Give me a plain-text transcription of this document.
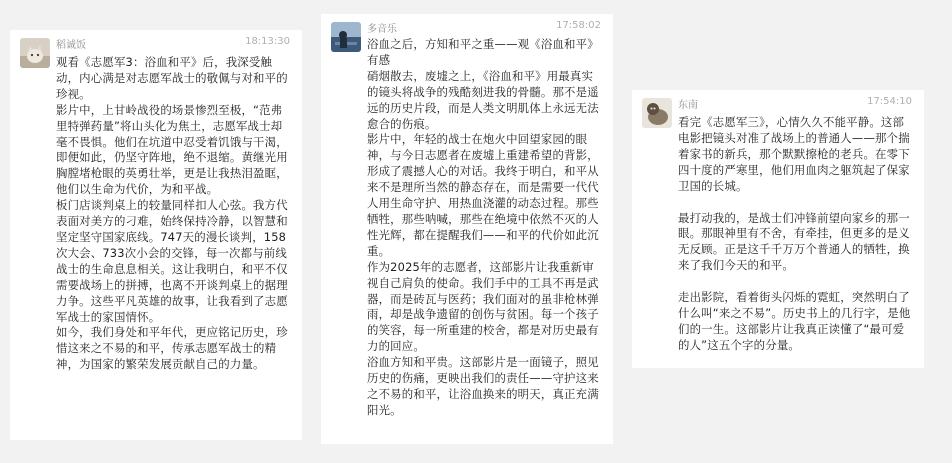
稻诚饭	18:13:30

观看《志愿军3：浴血和平》后，我深受触动，内心满是对志愿军战士的敬佩与对和平的珍视。

影片中，上甘岭战役的场景惨烈至极，“范弗里特弹药量”将山头化为焦土，志愿军战士却毫不畏惧。他们在坑道中忍受着饥饿与干渴，即便如此，仍坚守阵地，绝不退缩。黄继光用胸膛堵枪眼的英勇壮举，更是让我热泪盈眶，他们以生命为代价，为和平战。

板门店谈判桌上的较量同样扣人心弦。我方代表面对美方的刁难，始终保持冷静，以智慧和坚定坚守国家底线。747天的漫长谈判，158次大会、733次小会的交锋，每一次都与前线战士的生命息息相关。这让我明白，和平不仅需要战场上的拼搏，也离不开谈判桌上的据理力争。这些平凡英雄的故事，让我看到了志愿军战士的家国情怀。

如今，我们身处和平年代，更应铭记历史，珍惜这来之不易的和平，传承志愿军战士的精神，为国家的繁荣发展贡献自己的力量。

多音乐	17:58:02

浴血之后，方知和平之重——观《浴血和平》有感

硝烟散去，废墟之上，《浴血和平》用最真实的镜头将战争的残酷刻进我的骨髓。那不是遥远的历史片段，而是人类文明肌体上永远无法愈合的伤痕。

影片中，年轻的战士在炮火中回望家园的眼神，与今日志愿者在废墟上重建希望的背影，形成了震撼人心的对话。我终于明白，和平从来不是理所当然的静态存在，而是需要一代代人用生命守护、用热血浇灌的动态过程。那些牺牲，那些呐喊，那些在绝境中依然不灭的人性光辉，都在提醒我们——和平的代价如此沉重。

作为2025年的志愿者，这部影片让我重新审视自己肩负的使命。我们手中的工具不再是武器，而是砖瓦与医药；我们面对的虽非枪林弹雨，却是战争遗留的创伤与贫困。每一个孩子的笑容，每一所重建的校舍，都是对历史最有力的回应。

浴血方知和平贵。这部影片是一面镜子，照见历史的伤痛，更映出我们的责任——守护这来之不易的和平，让浴血换来的明天，真正充满阳光。

东南	17:54:10

看完《志愿军三》，心情久久不能平静。这部电影把镜头对准了战场上的普通人——那个揣着家书的新兵，那个默默擦枪的老兵。在零下四十度的严寒里，他们用血肉之躯筑起了保家卫国的长城。

最打动我的，是战士们冲锋前望向家乡的那一眼。那眼神里有不舍，有牵挂，但更多的是义无反顾。正是这千千万万个普通人的牺牲，换来了我们今天的和平。

走出影院，看着街头闪烁的霓虹，突然明白了什么叫“来之不易”。历史书上的几行字，是他们的一生。这部影片让我真正读懂了“最可爱的人”这五个字的分量。
